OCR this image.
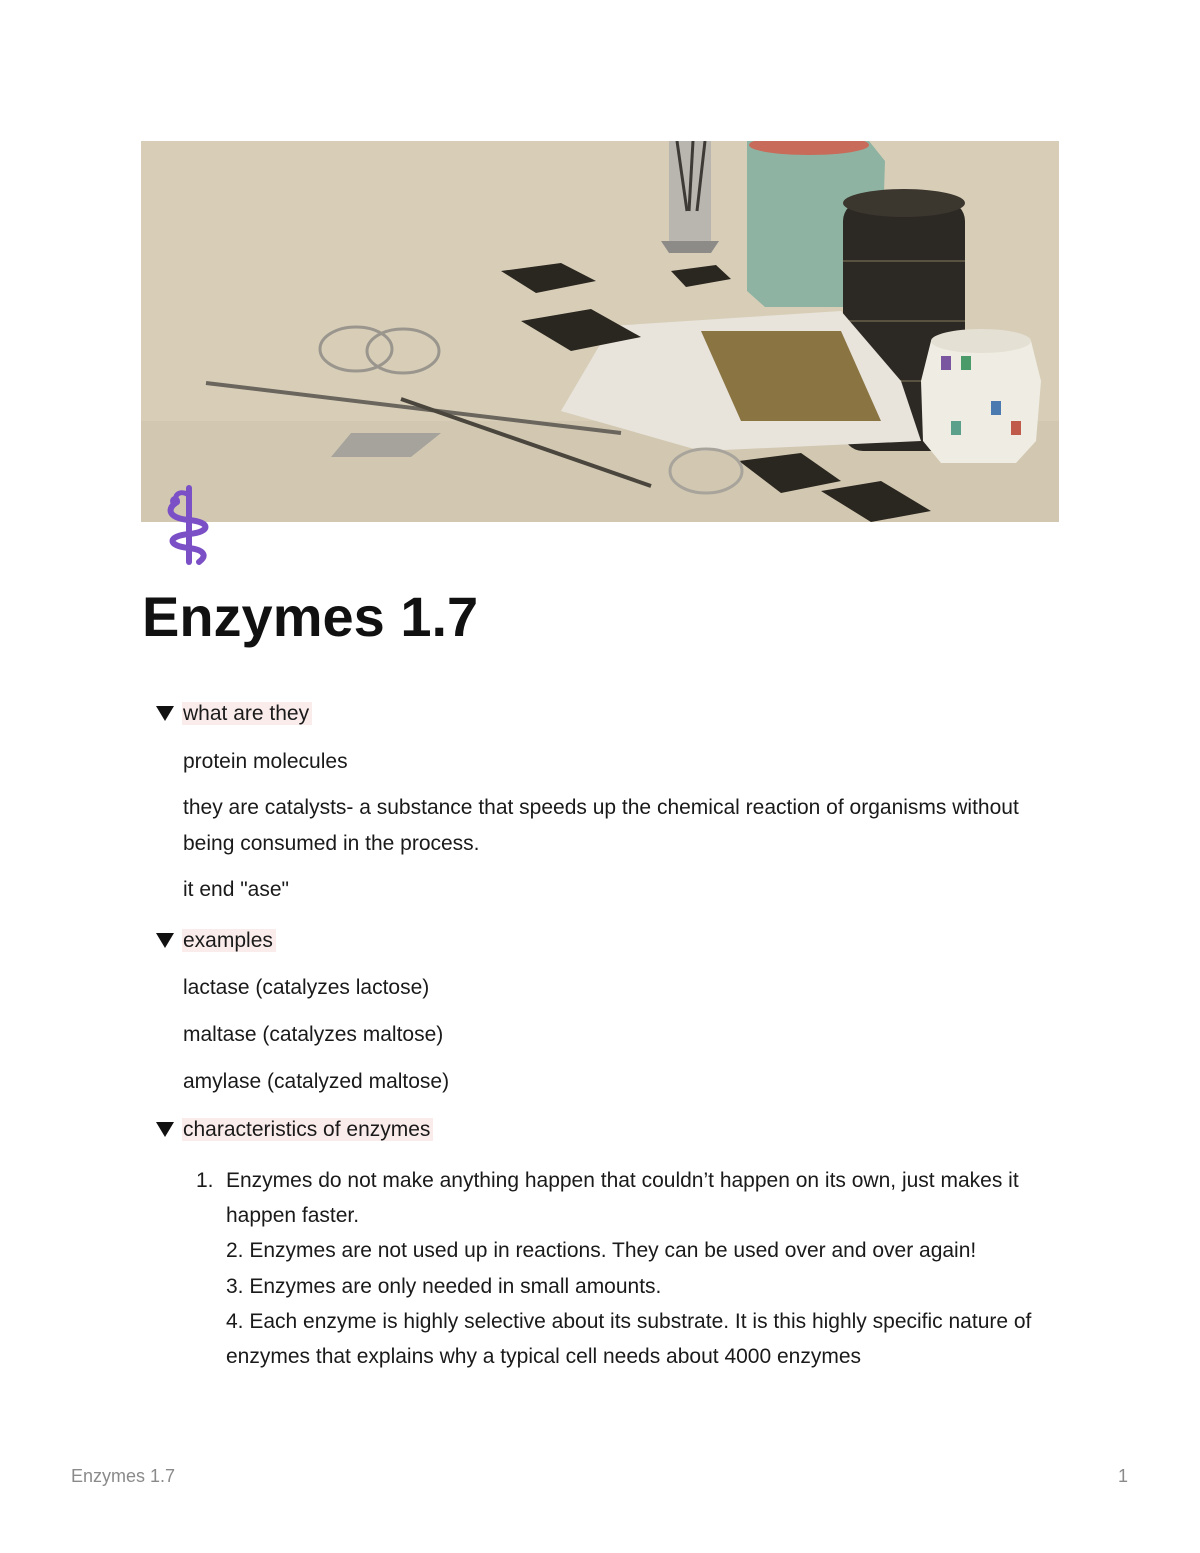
Enzymes 1.7
what are they

protein molecules

they are catalysts- a substance that speeds up the chemical reaction of organisms without being consumed in the process.

it end "ase"

examples

lactase (catalyzes lactose)

maltase (catalyzes maltose)

amylase (catalyzed maltose)

characteristics of enzymes
1. Enzymes do not make anything happen that couldn’t happen on its own, just makes it happen faster.

2. Enzymes are not used up in reactions. They can be used over and over again!

3. Enzymes are only needed in small amounts.

4. Each enzyme is highly selective about its substrate. It is this highly specific nature of enzymes that explains why a typical cell needs about 4000 enzymes

Enzymes 1.7	1
